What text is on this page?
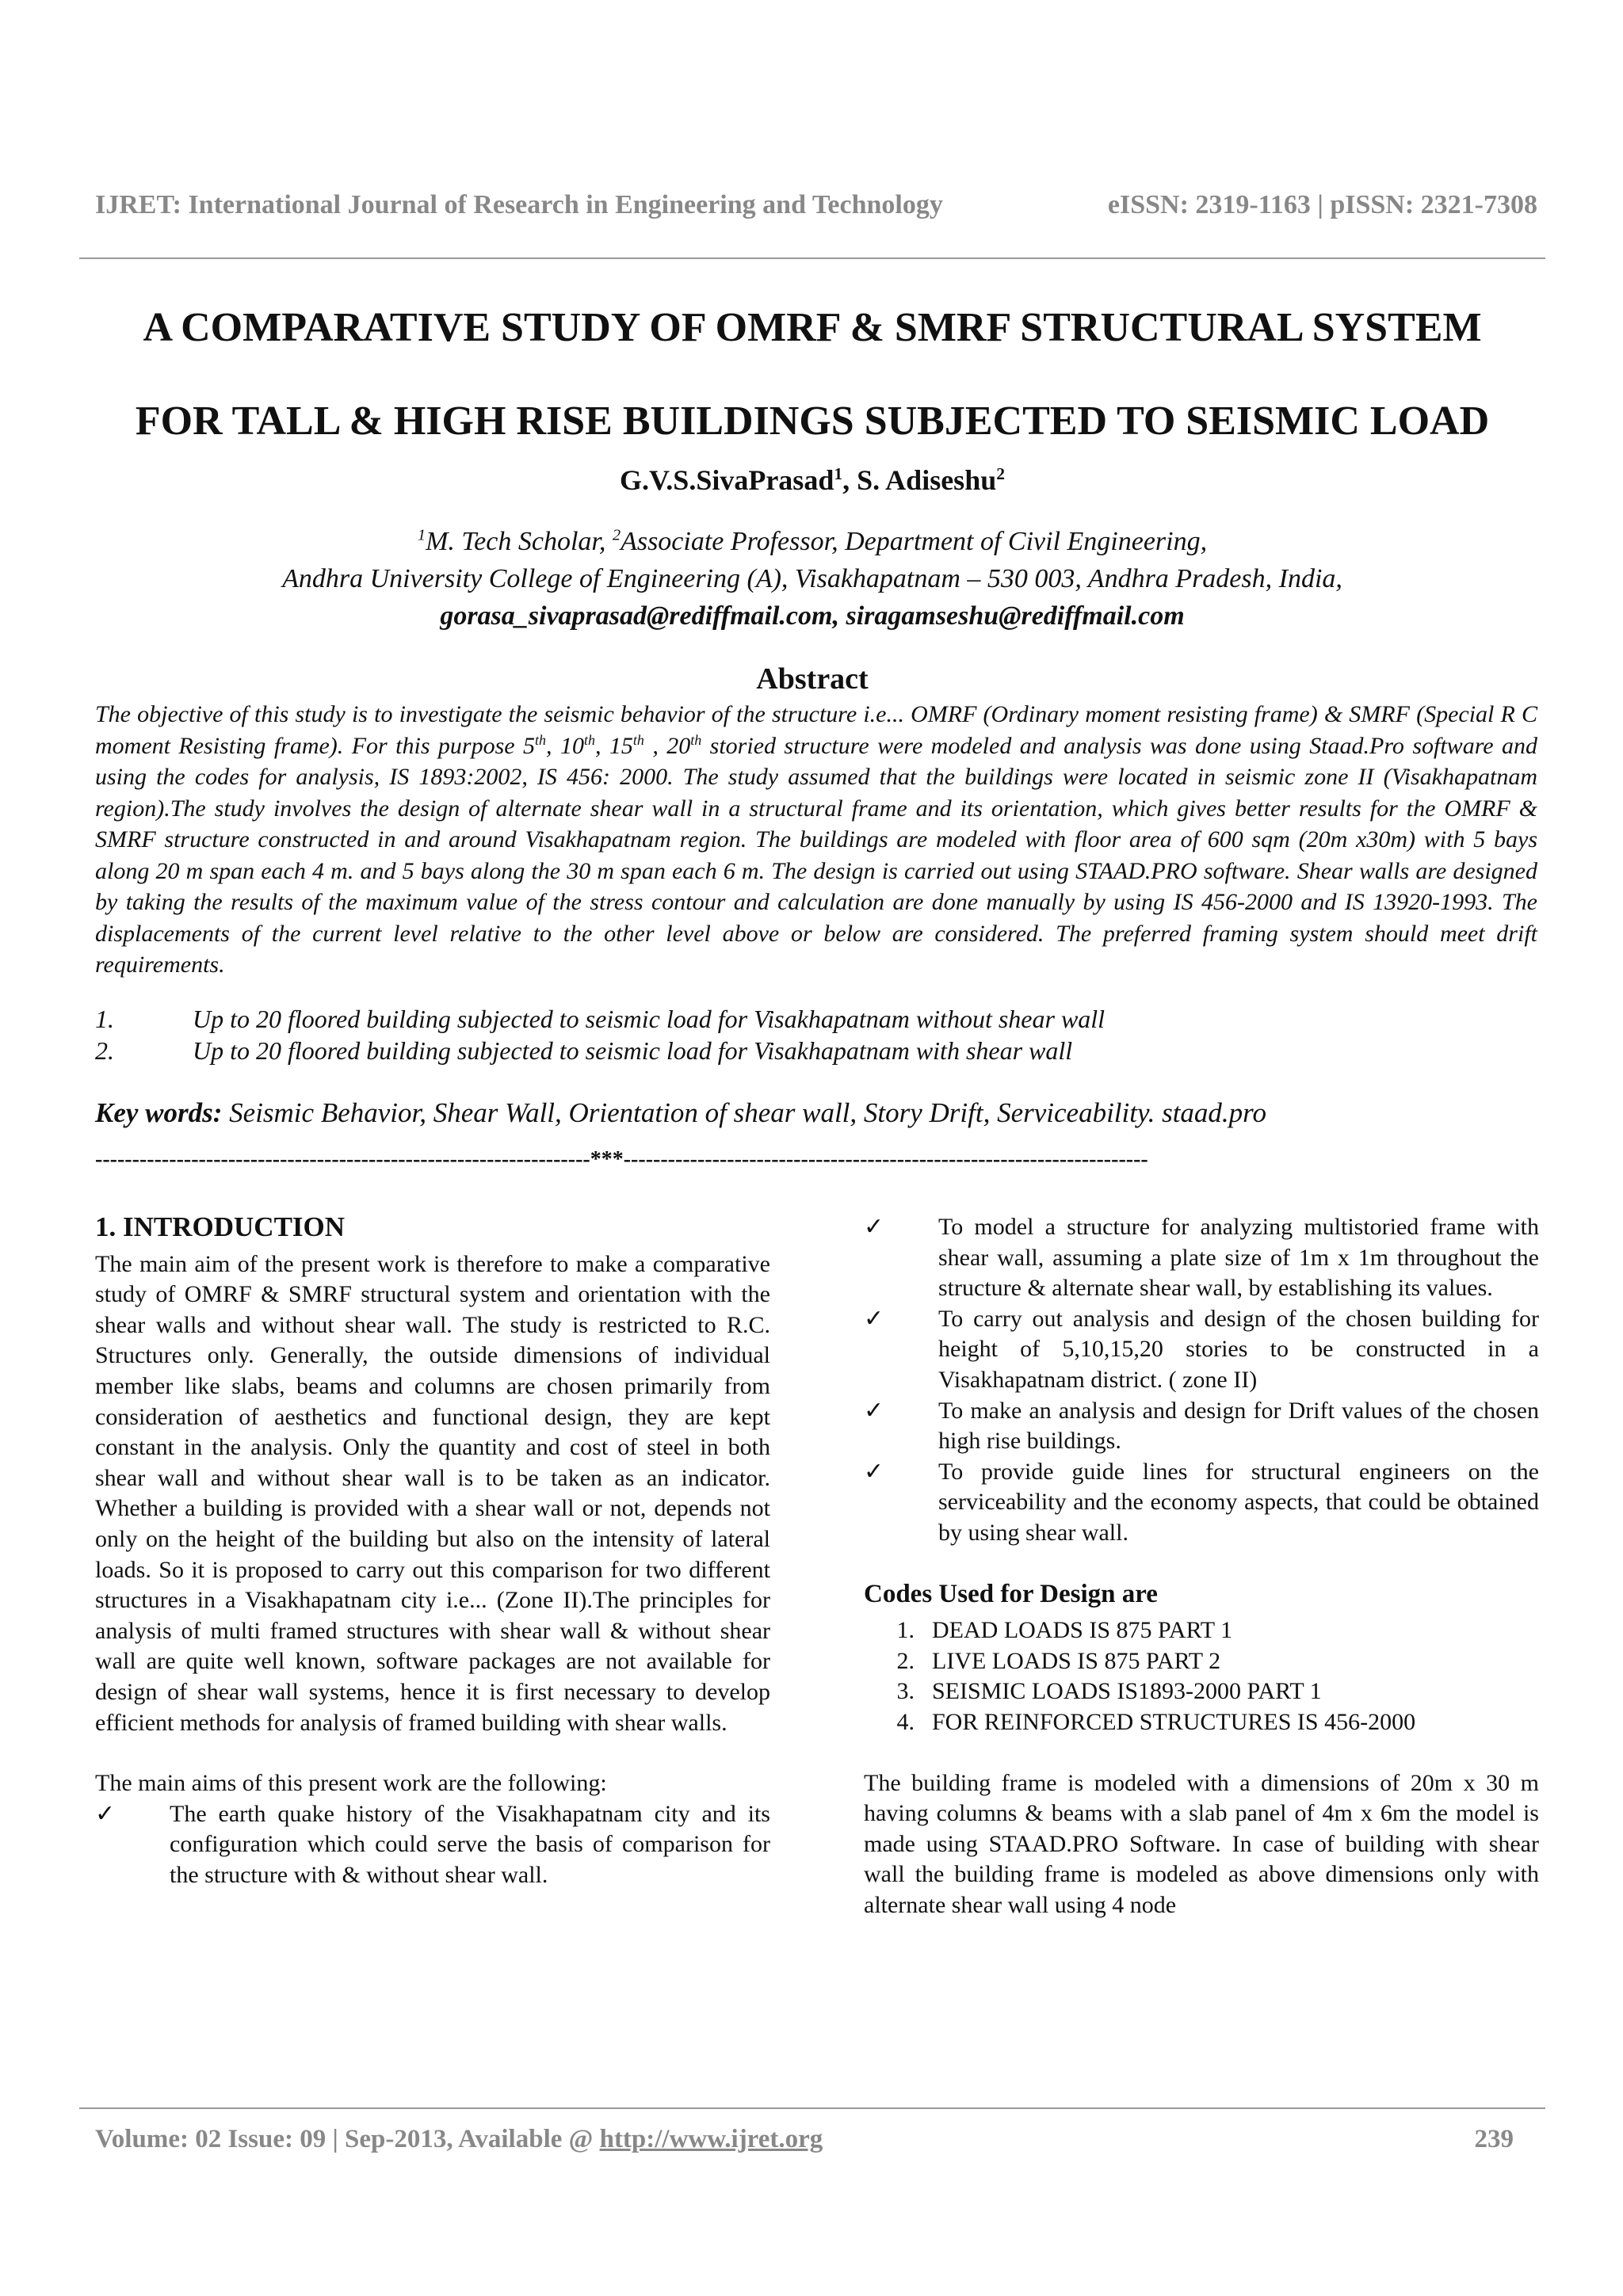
IJRET: International Journal of Research in Engineering and Technology	eISSN: 2319-1163 | pISSN: 2321-7308
A COMPARATIVE STUDY OF OMRF & SMRF STRUCTURAL SYSTEM
FOR TALL & HIGH RISE BUILDINGS SUBJECTED TO SEISMIC LOAD
G.V.S.SivaPrasad$^1$, S. Adiseshu$^2$
$^1$M. Tech Scholar, $^2$Associate Professor, Department of Civil Engineering,
Andhra University College of Engineering (A), Visakhapatnam – 530 003, Andhra Pradesh, India,
gorasa_sivaprasad@rediffmail.com, siragamseshu@rediffmail.com
Abstract
The objective of this study is to investigate the seismic behavior of the structure i.e... OMRF (Ordinary moment resisting frame) & SMRF (Special R C moment Resisting frame). For this purpose 5th, 10th, 15th , 20th storied structure were modeled and analysis was done using Staad.Pro software and using the codes for analysis, IS 1893:2002, IS 456: 2000. The study assumed that the buildings were located in seismic zone II (Visakhapatnam region).The study involves the design of alternate shear wall in a structural frame and its orientation, which gives better results for the OMRF & SMRF structure constructed in and around Visakhapatnam region. The buildings are modeled with floor area of 600 sqm (20m x30m) with 5 bays along 20 m span each 4 m. and 5 bays along the 30 m span each 6 m. The design is carried out using STAAD.PRO software. Shear walls are designed by taking the results of the maximum value of the stress contour and calculation are done manually by using IS 456-2000 and IS 13920-1993. The displacements of the current level relative to the other level above or below are considered. The preferred framing system should meet drift requirements.
1.	Up to 20 floored building subjected to seismic load for Visakhapatnam without shear wall
2.	Up to 20 floored building subjected to seismic load for Visakhapatnam with shear wall
Key words: Seismic Behavior, Shear Wall, Orientation of shear wall, Story Drift, Serviceability. staad.pro
-------------------------------------------------------------------***-----------------------------------------------------------------------
1. INTRODUCTION
The main aim of the present work is therefore to make a comparative study of OMRF & SMRF structural system and orientation with the shear walls and without shear wall. The study is restricted to R.C. Structures only. Generally, the outside dimensions of individual member like slabs, beams and columns are chosen primarily from consideration of aesthetics and functional design, they are kept constant in the analysis. Only the quantity and cost of steel in both shear wall and without shear wall is to be taken as an indicator. Whether a building is provided with a shear wall or not, depends not only on the height of the building but also on the intensity of lateral loads. So it is proposed to carry out this comparison for two different structures in a Visakhapatnam city i.e... (Zone II).The principles for analysis of multi framed structures with shear wall & without shear wall are quite well known, software packages are not available for design of shear wall systems, hence it is first necessary to develop efficient methods for analysis of framed building with shear walls.
The main aims of this present work are the following:
✓	The earth quake history of the Visakhapatnam city and its configuration which could serve the basis of comparison for the structure with & without shear wall.
✓	To model a structure for analyzing multistoried frame with shear wall, assuming a plate size of 1m x 1m throughout the structure & alternate shear wall, by establishing its values.
✓	To carry out analysis and design of the chosen building for height of 5,10,15,20 stories to be constructed in a Visakhapatnam district. ( zone II)
✓	To make an analysis and design for Drift values of the chosen high rise buildings.
✓	To provide guide lines for structural engineers on the serviceability and the economy aspects, that could be obtained by using shear wall.
Codes Used for Design are
1. DEAD LOADS IS 875 PART 1
2. LIVE LOADS IS 875 PART 2
3. SEISMIC LOADS IS1893-2000 PART 1
4. FOR REINFORCED STRUCTURES IS 456-2000
The building frame is modeled with a dimensions of 20m x 30 m having columns & beams with a slab panel of 4m x 6m the model is made using STAAD.PRO Software. In case of building with shear wall the building frame is modeled as above dimensions only with alternate shear wall using 4 node
Volume: 02 Issue: 09 | Sep-2013, Available @ http://www.ijret.org	239
